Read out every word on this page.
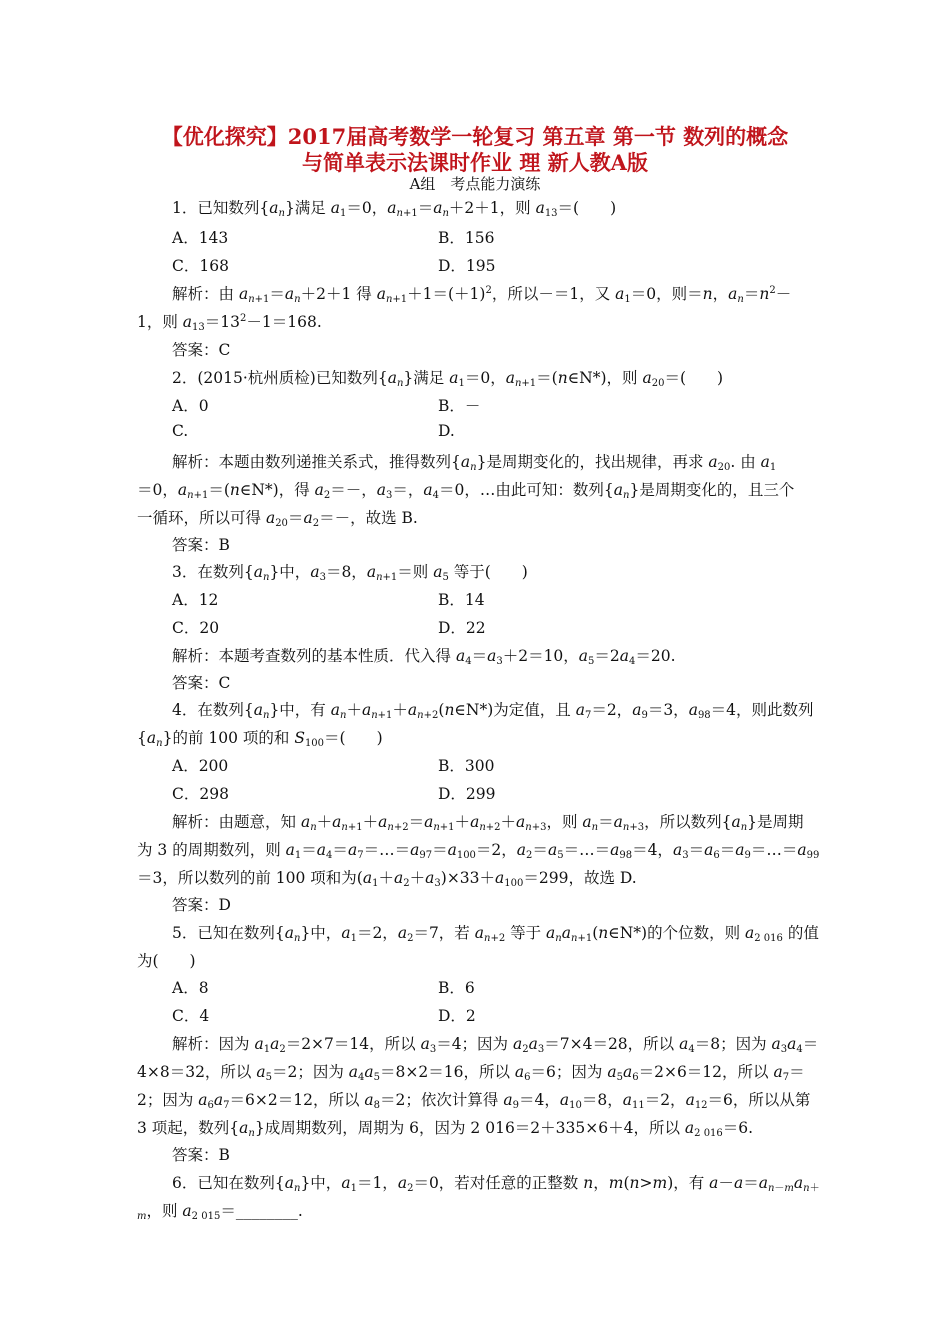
【优化探究】2017届高考数学一轮复习 第五章 第一节 数列的概念
与简单表示法课时作业 理 新人教A版
A组　考点能力演练
1．已知数列$\{a_n\}$满足 $a_1=0$，$a_{n+1}=a_n+2+1$，则 $a_{13}=$(　　)
A．143	B．156
C．168	D．195
解析：由 $a_{n+1}=a_n+2+1$ 得 $a_{n+1}+1=(+1)^2$，所以－＝1，又 $a_1=0$，则＝n，$a_n=n^2-$
1，则 $a_{13}=13^2-1=168$.
答案：C
2．(2015·杭州质检)已知数列$\{a_n\}$满足 $a_1=0$，$a_{n+1}=(n\in N*)$，则 $a_{20}=$(　　)
A．0	B．－
C.	D.
解析：本题由数列递推关系式，推得数列$\{a_n\}$是周期变化的，找出规律，再求 $a_{20}$. 由 $a_1$
＝0，$a_{n+1}=(n\in N*)$，得 $a_2=-$，$a_3=$，$a_4=0$，…由此可知：数列$\{a_n\}$是周期变化的，且三个
一循环，所以可得 $a_{20}=a_2=-$，故选 B.
答案：B
3．在数列$\{a_n\}$中，$a_3=8$，$a_{n+1}=$则 $a_5$ 等于(　　)
A．12	B．14
C．20	D．22
解析：本题考查数列的基本性质．代入得 $a_4=a_3+2=10$，$a_5=2a_4=20$.
答案：C
4．在数列$\{a_n\}$中，有 $a_n+a_{n+1}+a_{n+2}(n\in N*)$为定值，且 $a_7=2$，$a_9=3$，$a_{98}=4$，则此数列
$\{a_n\}$的前 100 项的和 $S_{100}=$(　　)
A．200	B．300
C．298	D．299
解析：由题意，知 $a_n+a_{n+1}+a_{n+2}=a_{n+1}+a_{n+2}+a_{n+3}$，则 $a_n=a_{n+3}$，所以数列$\{a_n\}$是周期
为 3 的周期数列，则 $a_1=a_4=a_7=\dots=a_{97}=a_{100}=2$，$a_2=a_5=\dots=a_{98}=4$，$a_3=a_6=a_9=\dots=a_{99}$
＝3，所以数列的前 100 项和为$(a_1+a_2+a_3)\times 33+a_{100}=299$，故选 D.
答案：D
5．已知在数列$\{a_n\}$中，$a_1=2$，$a_2=7$，若 $a_{n+2}$ 等于 $a_na_{n+1}(n\in N*)$的个位数，则 $a_{2 016}$ 的值
为(　　)
A．8	B．6
C．4	D．2
解析：因为 $a_1a_2=2\times 7=14$，所以 $a_3=4$；因为 $a_2a_3=7\times 4=28$，所以 $a_4=8$；因为 $a_3a_4=$
4×8＝32，所以 $a_5=2$；因为 $a_4a_5=8\times 2=16$，所以 $a_6=6$；因为 $a_5a_6=2\times 6=12$，所以 $a_7=$
2；因为 $a_6a_7=6\times 2=12$，所以 $a_8=2$；依次计算得 $a_9=4$，$a_{10}=8$，$a_{11}=2$，$a_{12}=6$，所以从第
3 项起，数列$\{a_n\}$成周期数列，周期为 6，因为 2 016＝2＋335×6＋4，所以 $a_{2 016}=6$.
答案：B
6．已知在数列$\{a_n\}$中，$a_1=1$，$a_2=0$，若对任意的正整数 n，m(n>m)，有 $a-a=a_{n-m}a_{n+}$
$_m$，则 $a_{2 015}=\_\_\_\_\_\_\_\_$.
